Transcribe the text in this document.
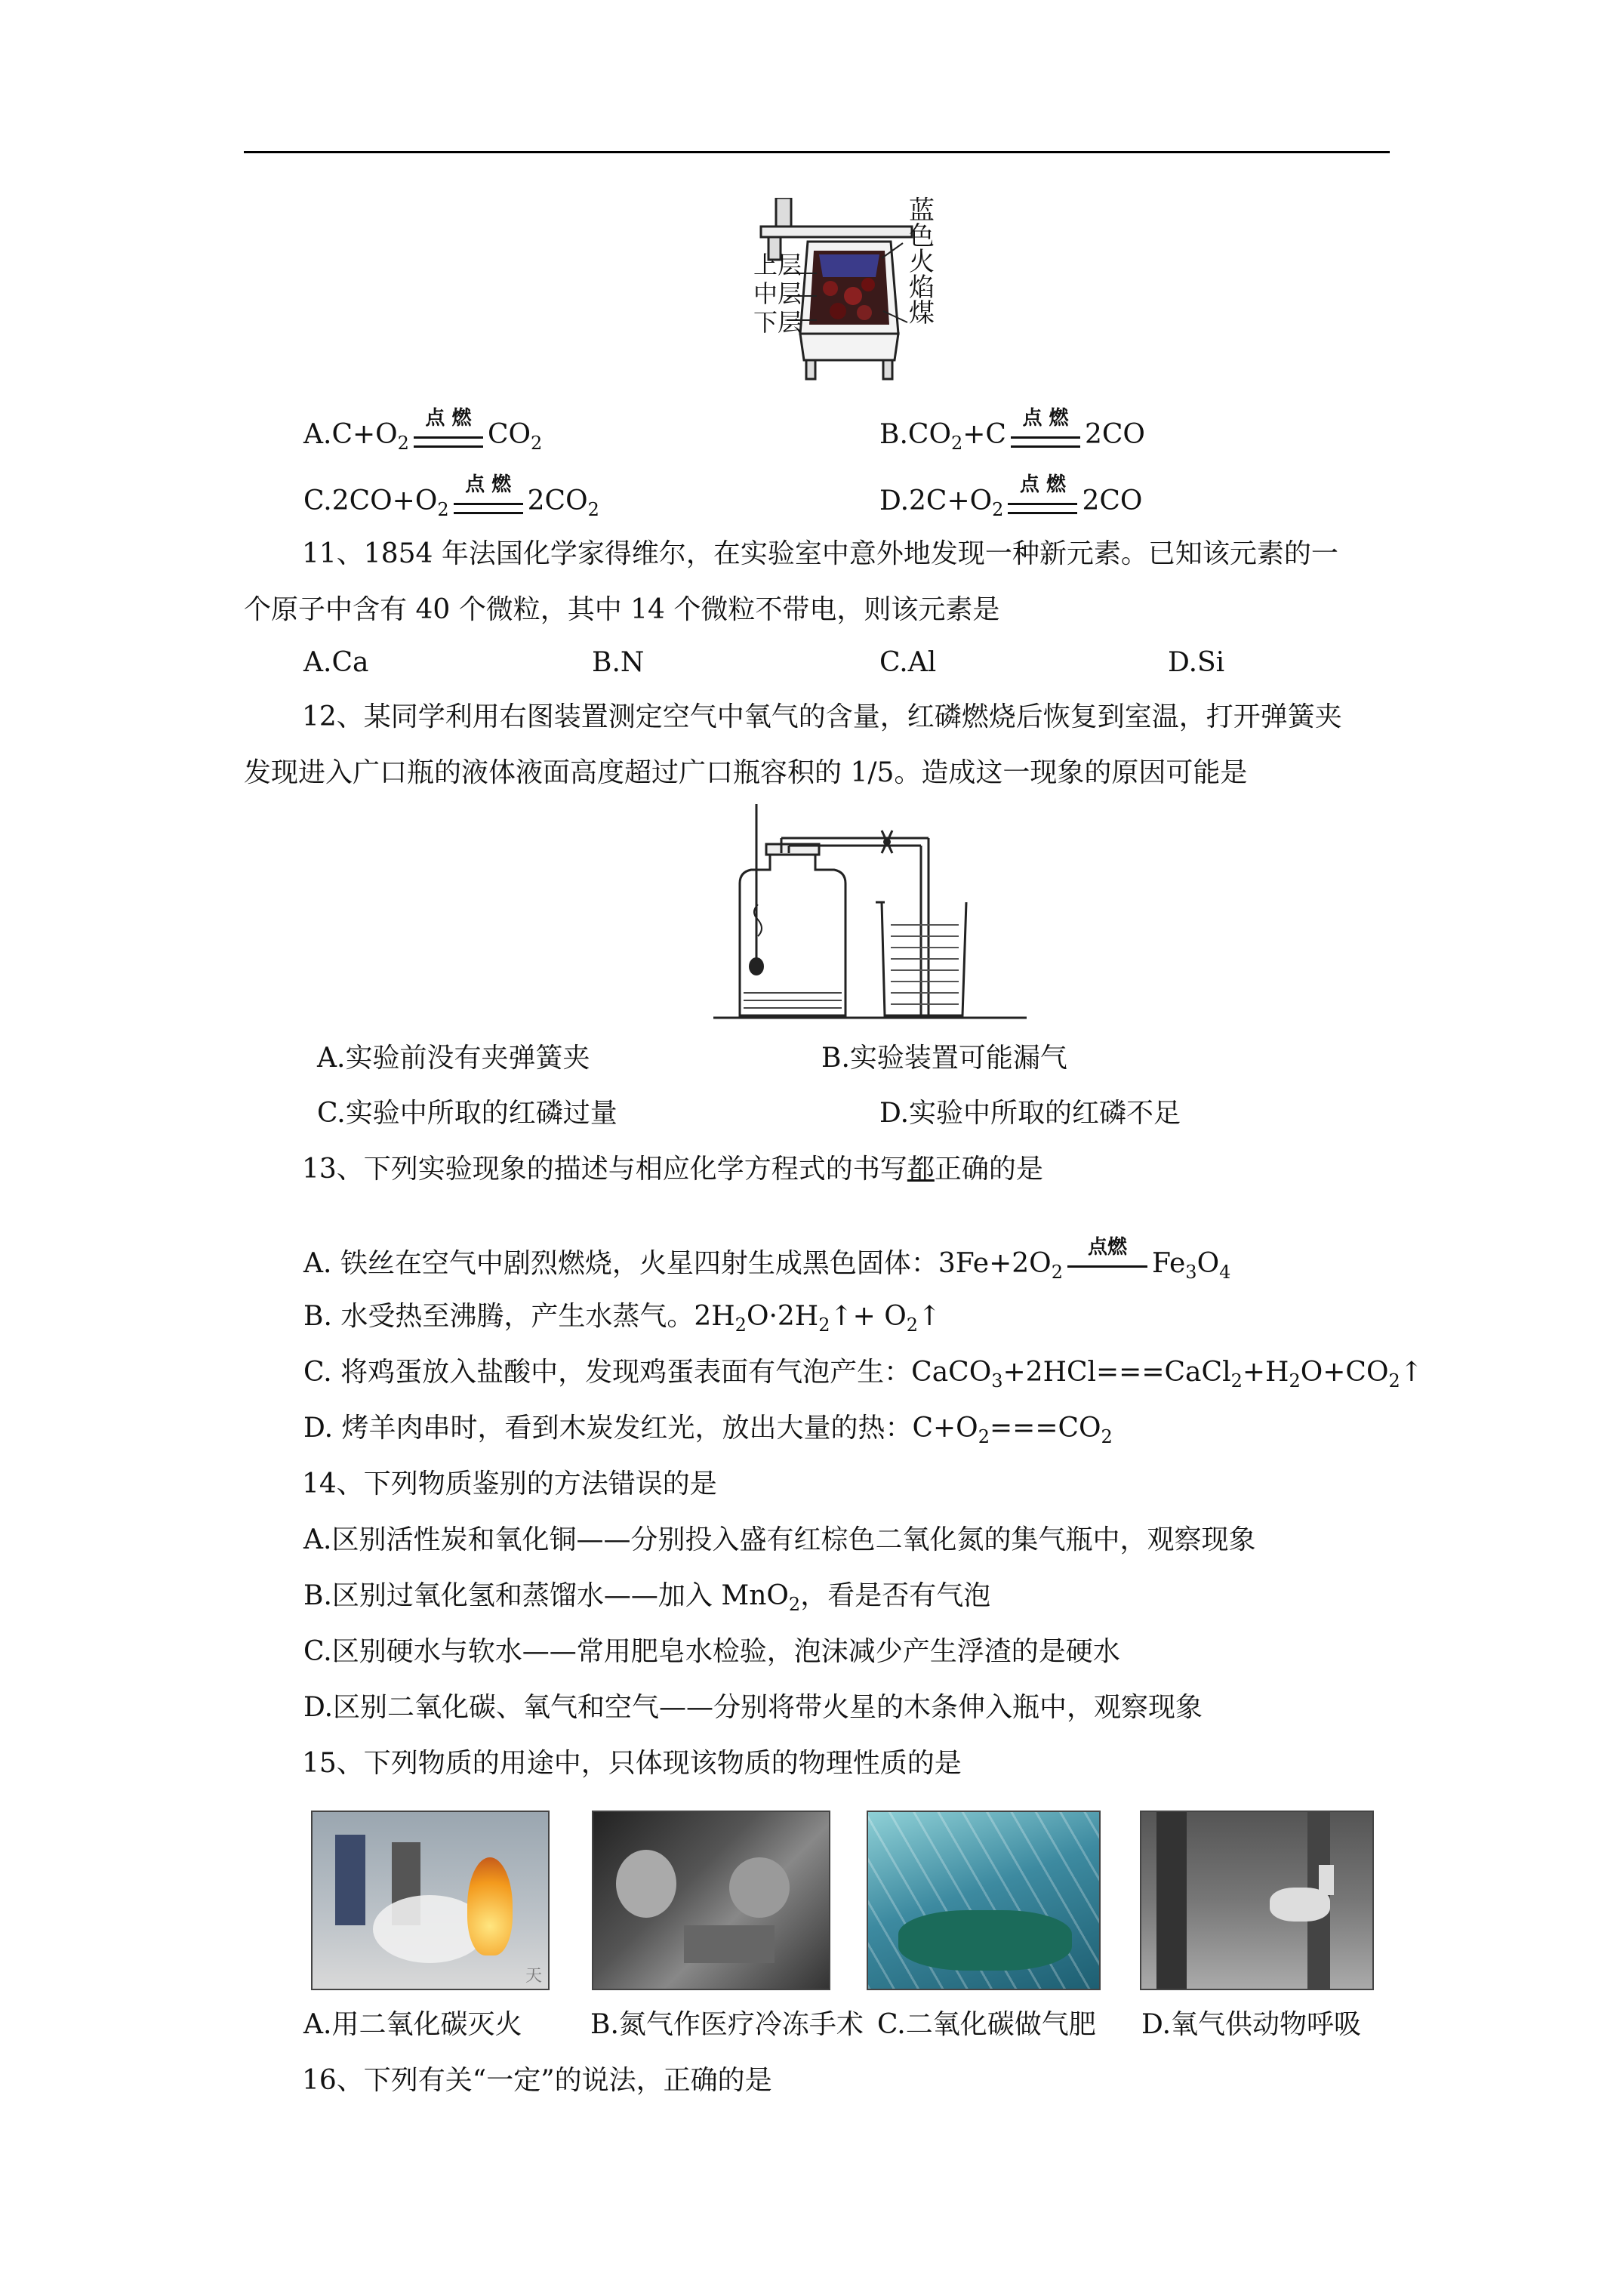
蓝
色
火
焰
煤
上层
中层
下层
$A.C+O_2$
点 燃
$CO_2$	$B.CO_2+C$
点 燃
2CO
$C.2CO+O_2$
点 燃
$2CO_2$	$D.2C+O_2$
点 燃
2CO
11、1854 年法国化学家得维尔，在实验室中意外地发现一种新元素。已知该元素的一
个原子中含有 40 个微粒，其中 14 个微粒不带电，则该元素是
A.Ca	B.N	C.Al	D.Si
12、某同学利用右图装置测定空气中氧气的含量，红磷燃烧后恢复到室温，打开弹簧夹
发现进入广口瓶的液体液面高度超过广口瓶容积的 1/5。造成这一现象的原因可能是
A.实验前没有夹弹簧夹	B.实验装置可能漏气
C.实验中所取的红磷过量	D.实验中所取的红磷不足
13、下列实验现象的描述与相应化学方程式的书写都正确的是
A. 铁丝在空气中剧烈燃烧，火星四射生成黑色固体：$3Fe+2O_2$
点燃
$Fe_3O_4$
B. 水受热至沸腾，产生水蒸气。$2H_2O\cdot 2H_2↑+$ $O_2↑$
C. 将鸡蛋放入盐酸中，发现鸡蛋表面有气泡产生：$CaCO_3+2HCl===CaCl_2+H_2O+CO_2↑$
D. 烤羊肉串时，看到木炭发红光，放出大量的热：$C+O_2===CO_2$
14、下列物质鉴别的方法错误的是
A.区别活性炭和氧化铜——分别投入盛有红棕色二氧化氮的集气瓶中，观察现象
B.区别过氧化氢和蒸馏水——加入 MnO$_2$，看是否有气泡
C.区别硬水与软水——常用肥皂水检验，泡沫减少产生浮渣的是硬水
D.区别二氧化碳、氧气和空气——分别将带火星的木条伸入瓶中，观察现象
15、下列物质的用途中，只体现该物质的物理性质的是
天
A.用二氧化碳灭火	B.氮气作医疗冷冻手术 C.二氧化碳做气肥 D.氧气供动物呼吸
16、下列有关“一定”的说法，正确的是
